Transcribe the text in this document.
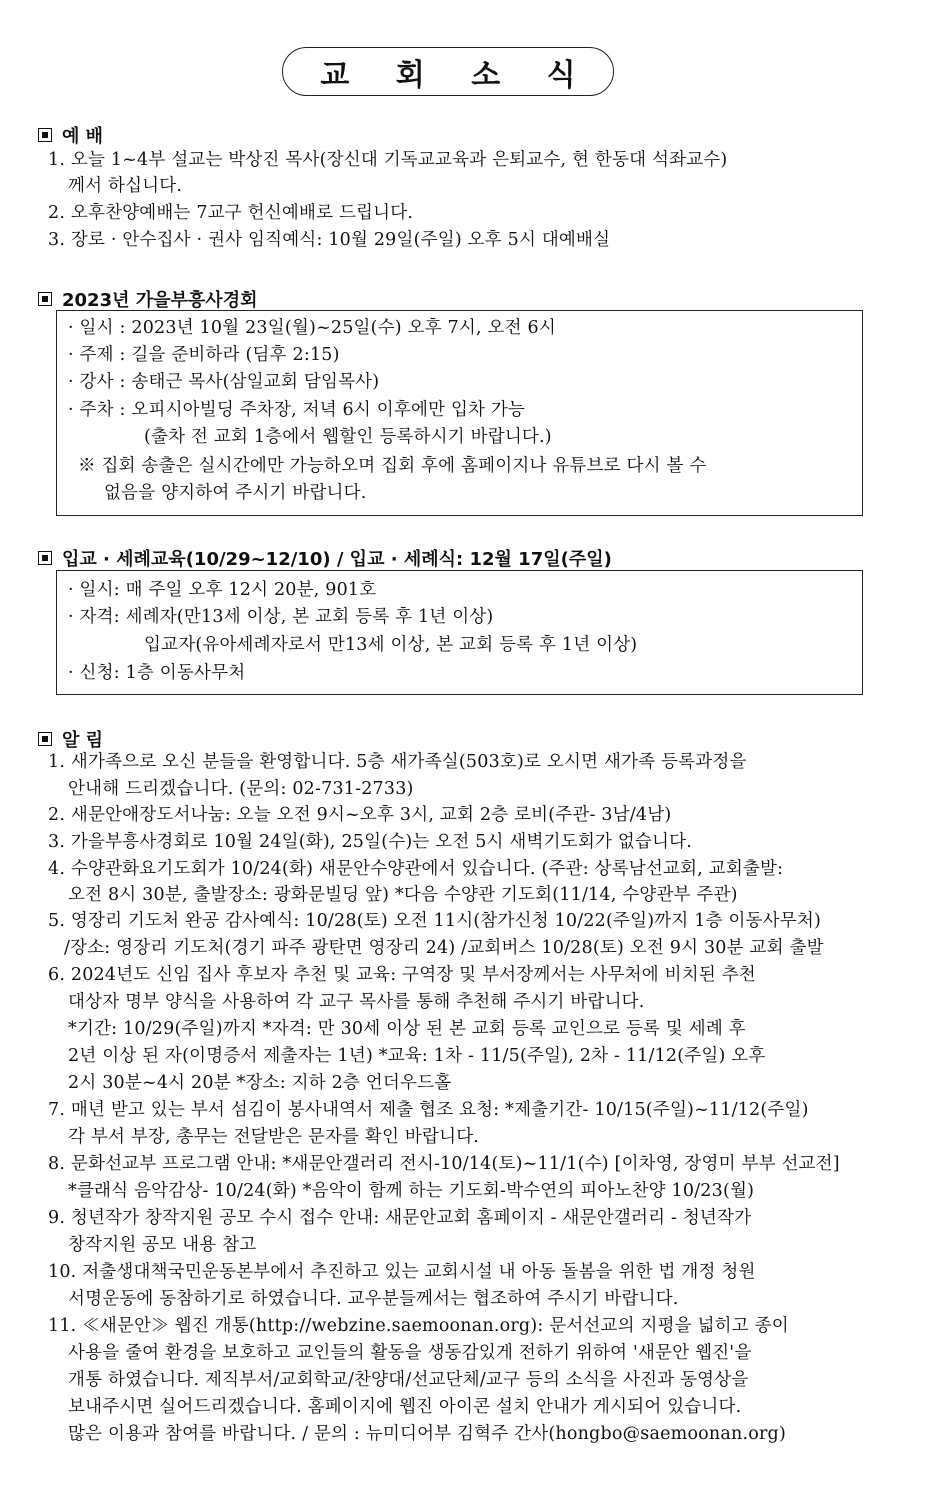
교 회 소 식
예 배
1. 오늘 1~4부 설교는 박상진 목사(장신대 기독교교육과 은퇴교수, 현 한동대 석좌교수)
께서 하십니다.
2. 오후찬양예배는 7교구 헌신예배로 드립니다.
3. 장로 · 안수집사 · 권사 임직예식: 10월 29일(주일) 오후 5시 대예배실
2023년 가을부흥사경회
· 일시 : 2023년 10월 23일(월)~25일(수) 오후 7시, 오전 6시
· 주제 : 길을 준비하라 (딤후 2:15)
· 강사 : 송태근 목사(삼일교회 담임목사)
· 주차 : 오피시아빌딩 주차장, 저녁 6시 이후에만 입차 가능
(출차 전 교회 1층에서 웹할인 등록하시기 바랍니다.)
※ 집회 송출은 실시간에만 가능하오며 집회 후에 홈페이지나 유튜브로 다시 볼 수
없음을 양지하여 주시기 바랍니다.
입교 · 세례교육(10/29~12/10) / 입교 · 세례식: 12월 17일(주일)
· 일시: 매 주일 오후 12시 20분, 901호
· 자격: 세례자(만13세 이상, 본 교회 등록 후 1년 이상)
입교자(유아세례자로서 만13세 이상, 본 교회 등록 후 1년 이상)
· 신청: 1층 이동사무처
알 림
1. 새가족으로 오신 분들을 환영합니다. 5층 새가족실(503호)로 오시면 새가족 등록과정을
안내해 드리겠습니다. (문의: 02-731-2733)
2. 새문안애장도서나눔: 오늘 오전 9시~오후 3시, 교회 2층 로비(주관- 3남/4남)
3. 가을부흥사경회로 10월 24일(화), 25일(수)는 오전 5시 새벽기도회가 없습니다.
4. 수양관화요기도회가 10/24(화) 새문안수양관에서 있습니다. (주관: 상록남선교회, 교회출발:
오전 8시 30분, 출발장소: 광화문빌딩 앞) *다음 수양관 기도회(11/14, 수양관부 주관)
5. 영장리 기도처 완공 감사예식: 10/28(토) 오전 11시(참가신청 10/22(주일)까지 1층 이동사무처)
/장소: 영장리 기도처(경기 파주 광탄면 영장리 24) /교회버스 10/28(토) 오전 9시 30분 교회 출발
6. 2024년도 신임 집사 후보자 추천 및 교육: 구역장 및 부서장께서는 사무처에 비치된 추천
대상자 명부 양식을 사용하여 각 교구 목사를 통해 추천해 주시기 바랍니다.
*기간: 10/29(주일)까지 *자격: 만 30세 이상 된 본 교회 등록 교인으로 등록 및 세례 후
2년 이상 된 자(이명증서 제출자는 1년) *교육: 1차 - 11/5(주일), 2차 - 11/12(주일) 오후
2시 30분~4시 20분 *장소: 지하 2층 언더우드홀
7. 매년 받고 있는 부서 섬김이 봉사내역서 제출 협조 요청: *제출기간- 10/15(주일)~11/12(주일)
각 부서 부장, 총무는 전달받은 문자를 확인 바랍니다.
8. 문화선교부 프로그램 안내: *새문안갤러리 전시-10/14(토)~11/1(수) [이차영, 장영미 부부 선교전]
*클래식 음악감상- 10/24(화) *음악이 함께 하는 기도회-박수연의 피아노찬양 10/23(월)
9. 청년작가 창작지원 공모 수시 접수 안내: 새문안교회 홈페이지 - 새문안갤러리 - 청년작가
창작지원 공모 내용 참고
10. 저출생대책국민운동본부에서 추진하고 있는 교회시설 내 아동 돌봄을 위한 법 개정 청원
서명운동에 동참하기로 하였습니다. 교우분들께서는 협조하여 주시기 바랍니다.
11. ≪새문안≫ 웹진 개통(http://webzine.saemoonan.org): 문서선교의 지평을 넓히고 종이
사용을 줄여 환경을 보호하고 교인들의 활동을 생동감있게 전하기 위하여 '새문안 웹진'을
개통 하였습니다. 제직부서/교회학교/찬양대/선교단체/교구 등의 소식을 사진과 동영상을
보내주시면 실어드리겠습니다. 홈페이지에 웹진 아이콘 설치 안내가 게시되어 있습니다.
많은 이용과 참여를 바랍니다. / 문의 : 뉴미디어부 김혁주 간사(hongbo@saemoonan.org)
